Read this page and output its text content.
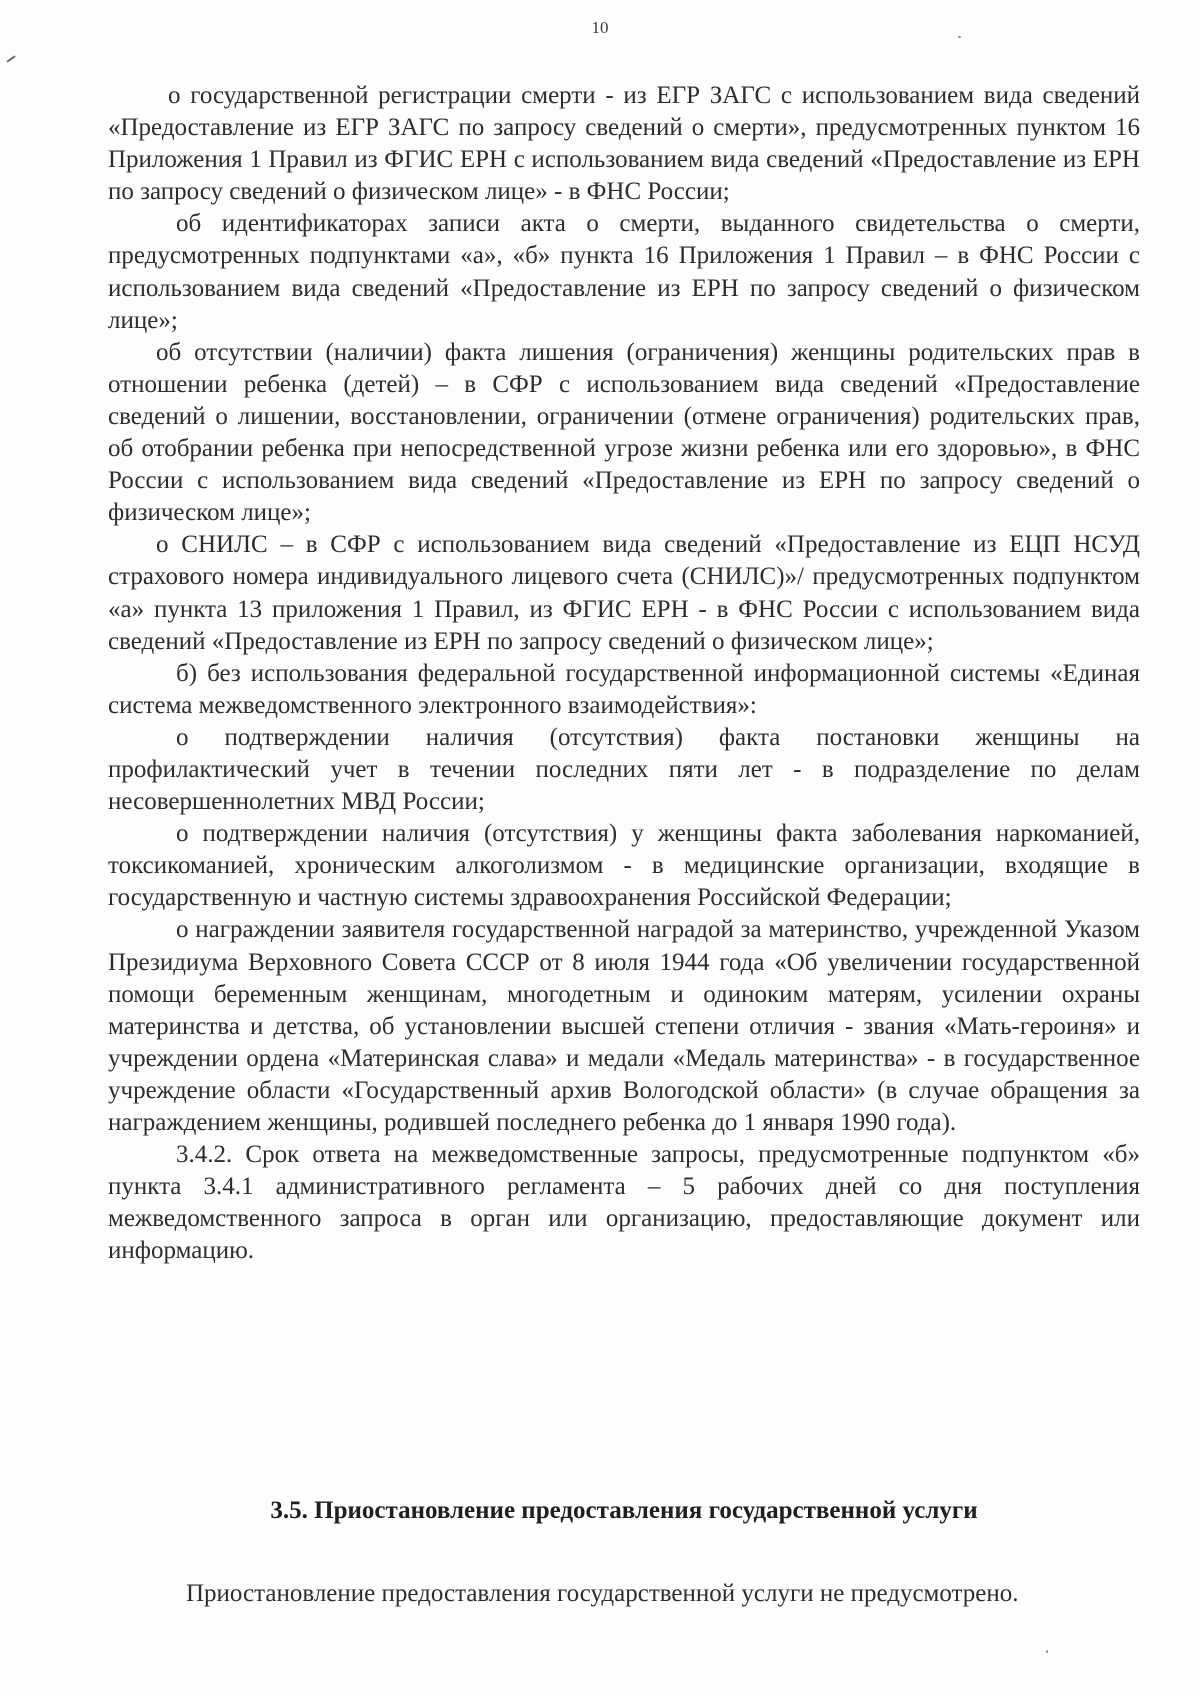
10

о государственной регистрации смерти - из ЕГР ЗАГС с использованием вида сведений «Предоставление из ЕГР ЗАГС по запросу сведений о смерти», предусмотренных пунктом 16 Приложения 1 Правил из ФГИС ЕРН с использованием вида сведений «Предоставление из ЕРН по запросу сведений о физическом лице» - в ФНС России;

об идентификаторах записи акта о смерти, выданного свидетельства о смерти, предусмотренных подпунктами «а», «б» пункта 16 Приложения 1 Правил – в ФНС России с использованием вида сведений «Предоставление из ЕРН по запросу сведений о физическом лице»;

об отсутствии (наличии) факта лишения (ограничения) женщины родительских прав в отношении ребенка (детей) – в СФР с использованием вида сведений «Предоставление сведений о лишении, восстановлении, ограничении (отмене ограничения) родительских прав, об отобрании ребенка при непосредственной угрозе жизни ребенка или его здоровью», в ФНС России с использованием вида сведений «Предоставление из ЕРН по запросу сведений о физическом лице»;

о СНИЛС – в СФР с использованием вида сведений «Предоставление из ЕЦП НСУД страхового номера индивидуального лицевого счета (СНИЛС)»/ предусмотренных подпунктом «а» пункта 13 приложения 1 Правил, из ФГИС ЕРН - в ФНС России с использованием вида сведений «Предоставление из ЕРН по запросу сведений о физическом лице»;

б) без использования федеральной государственной информационной системы «Единая система межведомственного электронного взаимодействия»:

о подтверждении наличия (отсутствия) факта постановки женщины на профилактический учет в течении последних пяти лет - в подразделение по делам несовершеннолетних МВД России;

о подтверждении наличия (отсутствия) у женщины факта заболевания наркоманией, токсикоманией, хроническим алкоголизмом - в медицинские организации, входящие в государственную и частную системы здравоохранения Российской Федерации;

о награждении заявителя государственной наградой за материнство, учрежденной Указом Президиума Верховного Совета СССР от 8 июля 1944 года «Об увеличении государственной помощи беременным женщинам, многодетным и одиноким матерям, усилении охраны материнства и детства, об установлении высшей степени отличия - звания «Мать-героиня» и учреждении ордена «Материнская слава» и медали «Медаль материнства» - в государственное учреждение области «Государственный архив Вологодской области» (в случае обращения за награждением женщины, родившей последнего ребенка до 1 января 1990 года).

3.4.2. Срок ответа на межведомственные запросы, предусмотренные подпунктом «б» пункта 3.4.1 административного регламента – 5 рабочих дней со дня поступления межведомственного запроса в орган или организацию, предоставляющие документ или информацию.

3.5. Приостановление предоставления государственной услуги

Приостановление предоставления государственной услуги не предусмотрено.
